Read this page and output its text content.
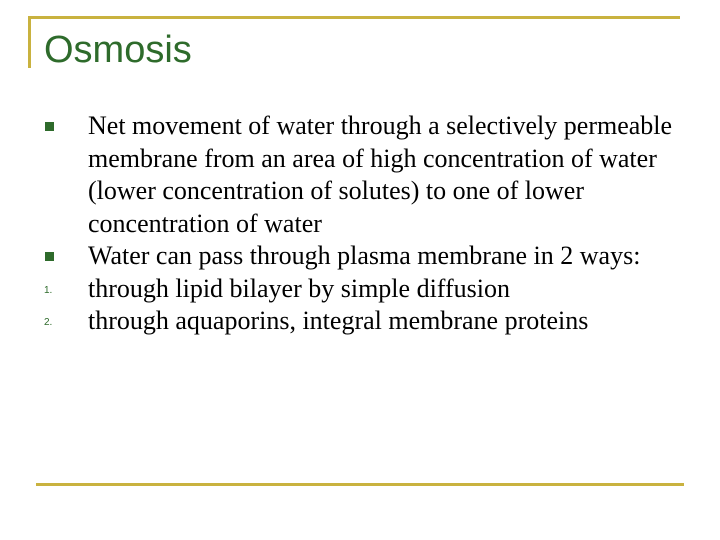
Osmosis
Net movement of water through a selectively permeable membrane from an area of high concentration of water (lower concentration of solutes) to one of lower concentration of water
Water can pass through plasma membrane in 2 ways:
1. through lipid bilayer by simple diffusion
2. through aquaporins, integral membrane proteins
